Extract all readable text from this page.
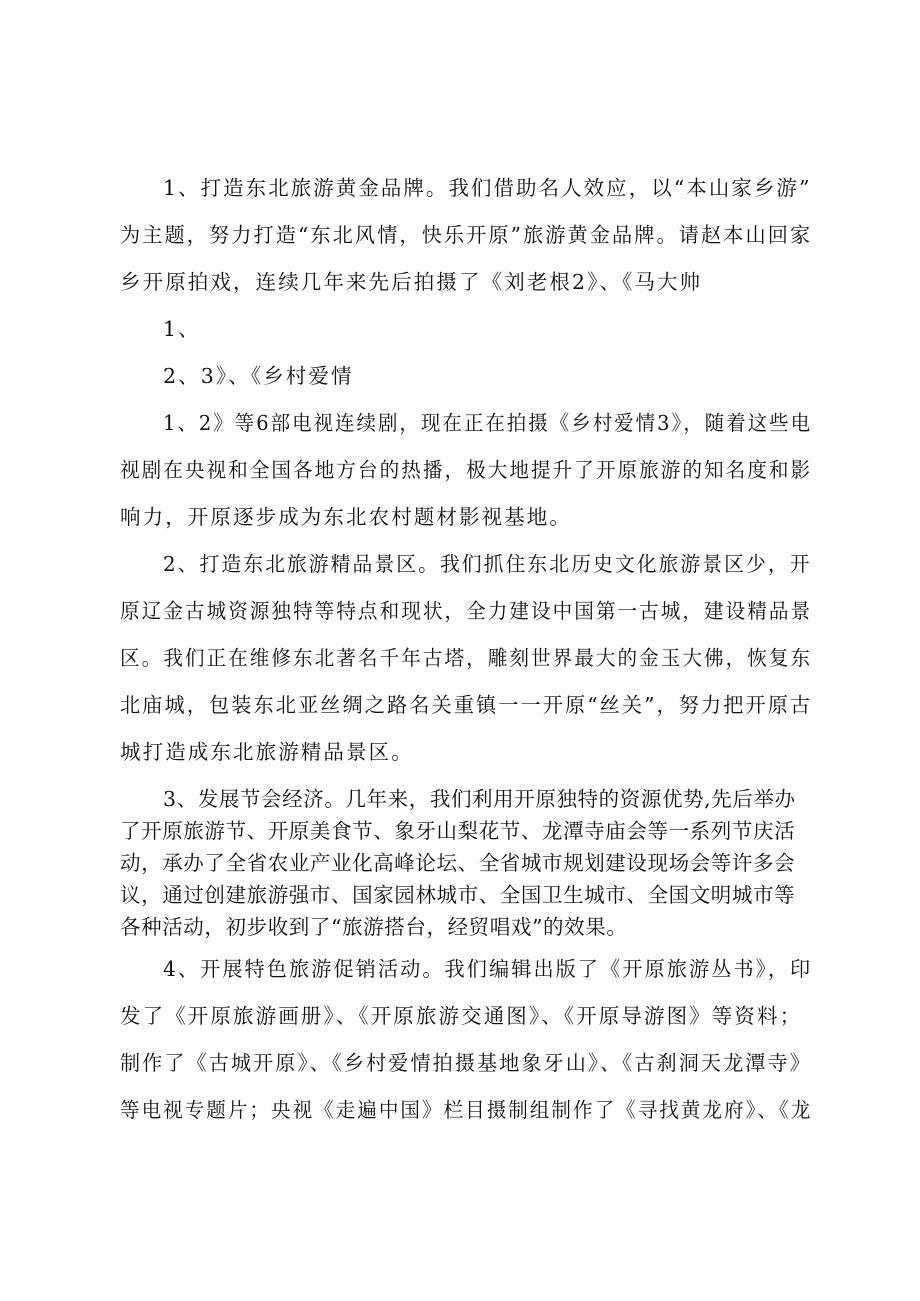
1、打造东北旅游黄金品牌。我们借助名人效应，以“本山家乡游”
为主题，努力打造“东北风情，快乐开原”旅游黄金品牌。请赵本山回家
乡开原拍戏，连续几年来先后拍摄了《刘老根2》、《马大帅
1、
2、3》、《乡村爱情
1、2》等6部电视连续剧，现在正在拍摄《乡村爱情3》，随着这些电
视剧在央视和全国各地方台的热播，极大地提升了开原旅游的知名度和影
响力，开原逐步成为东北农村题材影视基地。
2、打造东北旅游精品景区。我们抓住东北历史文化旅游景区少，开
原辽金古城资源独特等特点和现状，全力建设中国第一古城，建设精品景
区。我们正在维修东北著名千年古塔，雕刻世界最大的金玉大佛，恢复东
北庙城，包装东北亚丝绸之路名关重镇一一开原“丝关”，努力把开原古
城打造成东北旅游精品景区。
3、发展节会经济。几年来，我们利用开原独特的资源优势,先后举办
了开原旅游节、开原美食节、象牙山梨花节、龙潭寺庙会等一系列节庆活
动，承办了全省农业产业化高峰论坛、全省城市规划建设现场会等许多会
议，通过创建旅游强市、国家园林城市、全国卫生城市、全国文明城市等
各种活动，初步收到了“旅游搭台，经贸唱戏”的效果。
4、开展特色旅游促销活动。我们编辑出版了《开原旅游丛书》，印
发了《开原旅游画册》、《开原旅游交通图》、《开原导游图》等资料；
制作了《古城开原》、《乡村爱情拍摄基地象牙山》、《古刹洞天龙潭寺》
等电视专题片；央视《走遍中国》栏目摄制组制作了《寻找黄龙府》、《龙
